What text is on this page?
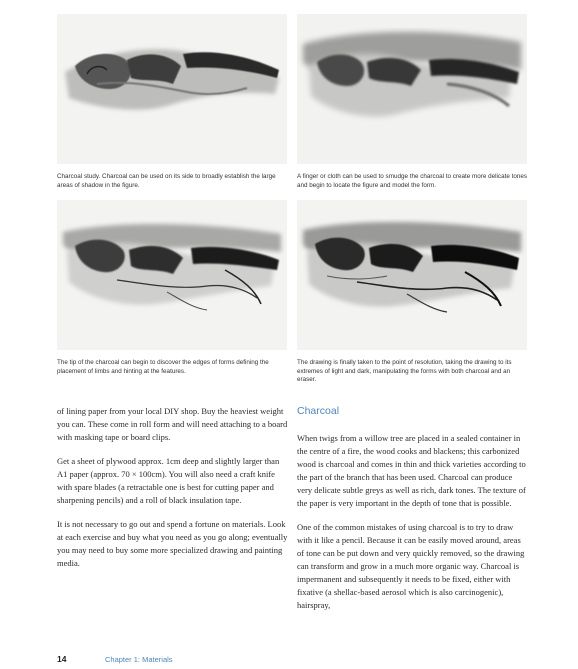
Charcoal study. Charcoal can be used on its side to broadly establish the large areas of shadow in the figure.
A finger or cloth can be used to smudge the charcoal to create more delicate tones and begin to locate the figure and model the form.
The tip of the charcoal can begin to discover the edges of forms defining the placement of limbs and hinting at the features.
The drawing is finally taken to the point of resolution, taking the drawing to its extremes of light and dark, manipulating the forms with both charcoal and an eraser.

of lining paper from your local DIY shop. Buy the heaviest weight you can. These come in roll form and will need attaching to a board with masking tape or board clips.

Get a sheet of plywood approx. 1cm deep and slightly larger than A1 paper (approx. 70 × 100cm). You will also need a craft knife with spare blades (a retractable one is best for cutting paper and sharpening pencils) and a roll of black insulation tape.

It is not necessary to go out and spend a fortune on materials. Look at each exercise and buy what you need as you go along; eventually you may need to buy some more specialized drawing and painting media.

Charcoal

When twigs from a willow tree are placed in a sealed container in the centre of a fire, the wood cooks and blackens; this carbonized wood is charcoal and comes in thin and thick varieties according to the part of the branch that has been used. Charcoal can produce very delicate subtle greys as well as rich, dark tones. The texture of the paper is very important in the depth of tone that is possible.

One of the common mistakes of using charcoal is to try to draw with it like a pencil. Because it can be easily moved around, areas of tone can be put down and very quickly removed, so the drawing can transform and grow in a much more organic way. Charcoal is impermanent and subsequently it needs to be fixed, either with fixative (a shellac-based aerosol which is also carcinogenic), hairspray,

14	Chapter 1: Materials
